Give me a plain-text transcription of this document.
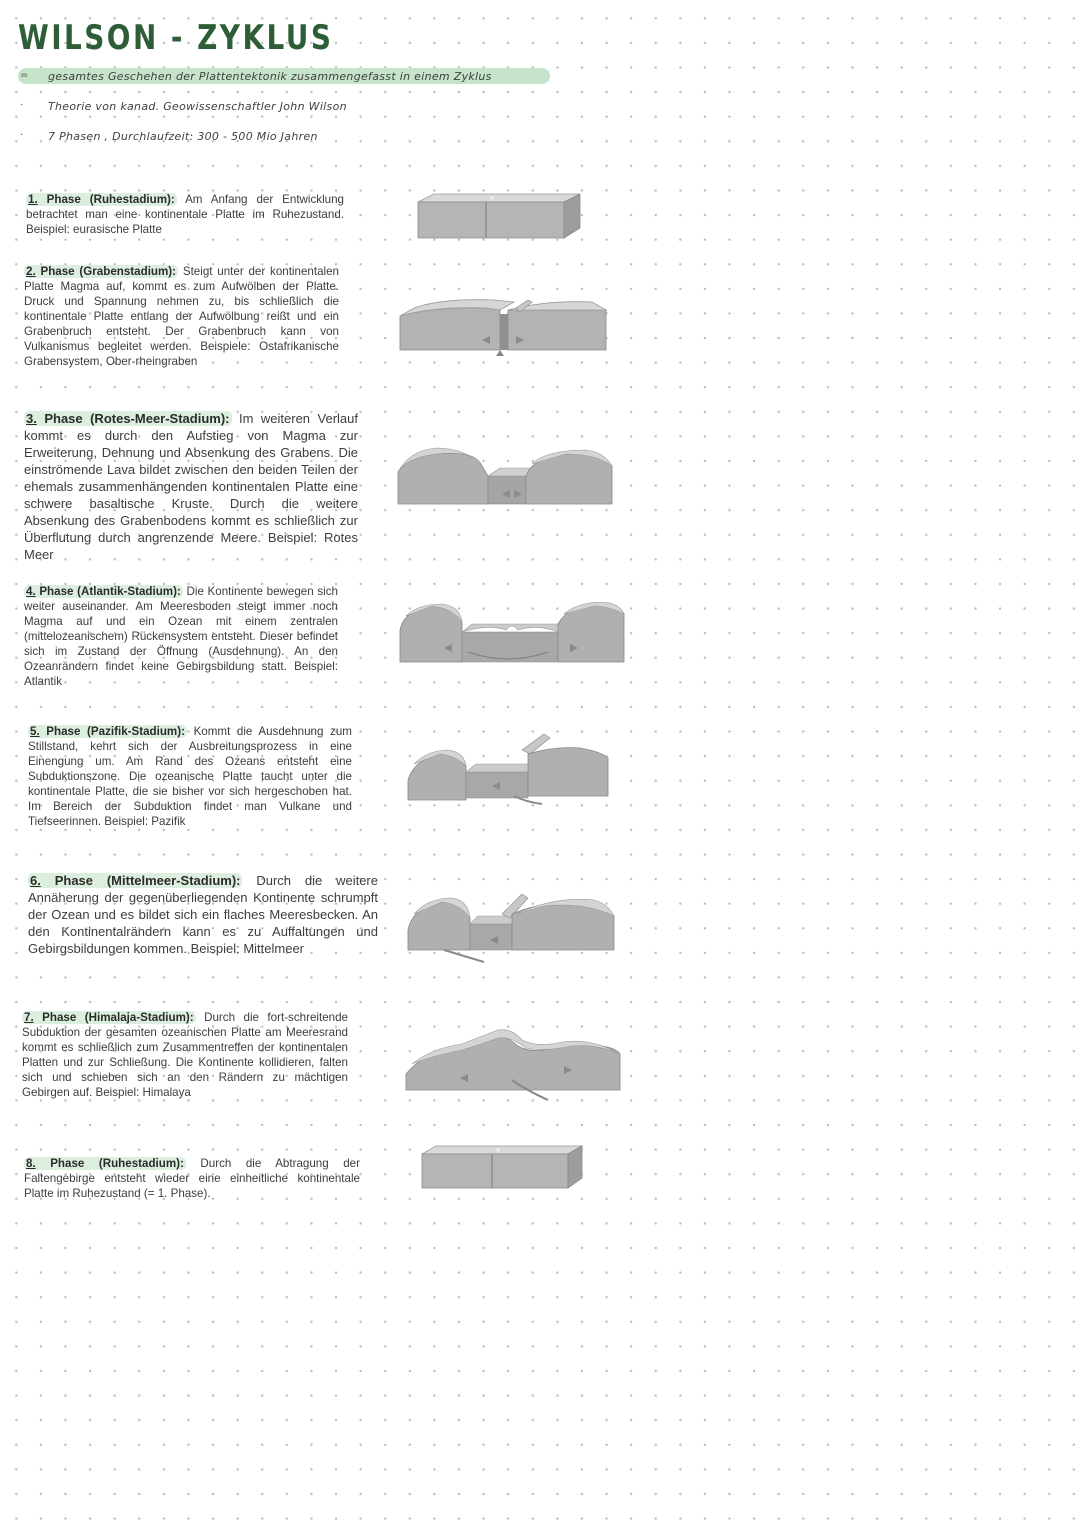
WILSON - ZYKLUS
= gesamtes Geschehen der Plattentektonik zusammengefasst in einem Zyklus
· Theorie von kanad. Geowissenschaftler John Wilson
· 7 Phasen , Durchlaufzeit: 300 - 500 Mio Jahren
1. Phase (Ruhestadium): Am Anfang der Entwicklung betrachtet man eine kontinentale Platte im Ruhezustand. Beispiel: eurasische Platte
2. Phase (Grabenstadium): Steigt unter der kontinentalen Platte Magma auf, kommt es zum Aufwölben der Platte. Druck und Spannung nehmen zu, bis schließlich die kontinentale Platte entlang der Aufwölbung reißt und ein Grabenbruch entsteht. Der Grabenbruch kann von Vulkanismus begleitet werden. Beispiele: Ostafrikanische Grabensystem, Ober-rheingraben
3. Phase (Rotes-Meer-Stadium): Im weiteren Verlauf kommt es durch den Aufstieg von Magma zur Erweiterung, Dehnung und Absenkung des Grabens. Die einströmende Lava bildet zwischen den beiden Teilen der ehemals zusammenhängenden kontinentalen Platte eine schwere basaltische Kruste. Durch die weitere Absenkung des Grabenbodens kommt es schließlich zur Überflutung durch angrenzende Meere. Beispiel: Rotes Meer
4. Phase (Atlantik-Stadium): Die Kontinente bewegen sich weiter auseinander. Am Meeresboden steigt immer noch Magma auf und ein Ozean mit einem zentralen (mittelozeanischem) Rückensystem entsteht. Dieser befindet sich im Zustand der Öffnung (Ausdehnung). An den Ozeanrändern findet keine Gebirgsbildung statt. Beispiel: Atlantik
5. Phase (Pazifik-Stadium): Kommt die Ausdehnung zum Stillstand, kehrt sich der Ausbreitungsprozess in eine Einengung um. Am Rand des Ozeans entsteht eine Subduktionszone. Die ozeanische Platte taucht unter die kontinentale Platte, die sie bisher vor sich hergeschoben hat. Im Bereich der Subduktion findet man Vulkane und Tiefseerinnen. Beispiel: Pazifik
6. Phase (Mittelmeer-Stadium): Durch die weitere Annäherung der gegenüberliegenden Kontinente schrumpft der Ozean und es bildet sich ein flaches Meeresbecken. An den Kontinentalrändern kann es zu Auffaltungen und Gebirgsbildungen kommen. Beispiel: Mittelmeer
7. Phase (Himalaja-Stadium): Durch die fort-schreitende Subduktion der gesamten ozeanischen Platte am Meeresrand kommt es schließlich zum Zusammentreffen der kontinentalen Platten und zur Schließung. Die Kontinente kollidieren, falten sich und schieben sich an den Rändern zu mächtigen Gebirgen auf. Beispiel: Himalaya
8. Phase (Ruhestadium): Durch die Abtragung der Faltengebirge entsteht wieder eine einheitliche kontinentale Platte im Ruhezustand (= 1. Phase).
